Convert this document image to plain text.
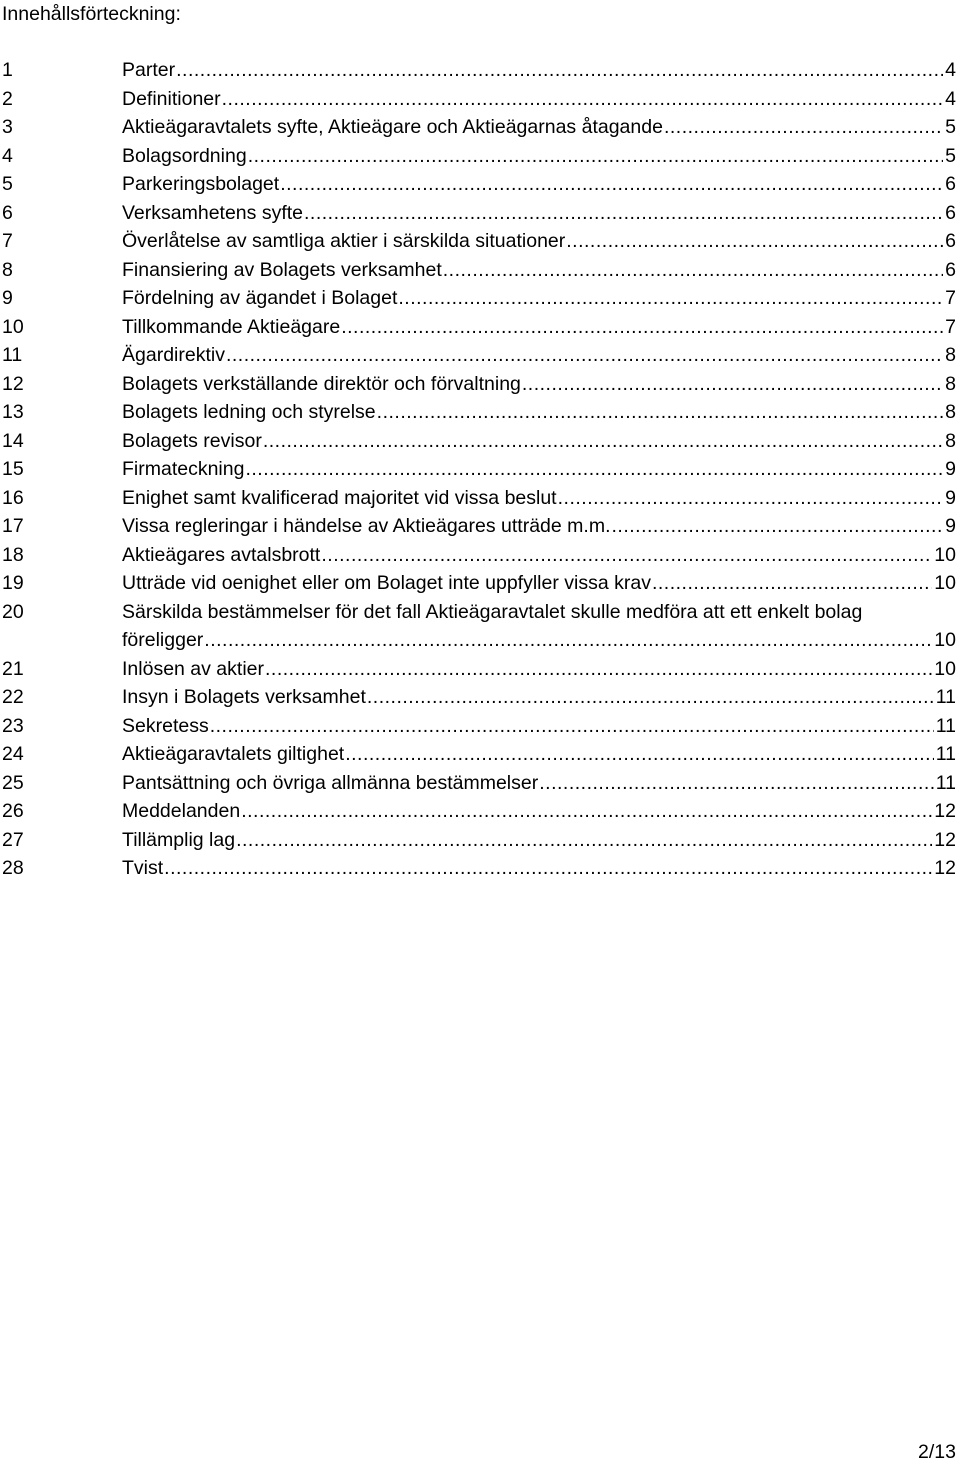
Innehållsförteckning:
1	Parter .....	4
2	Definitioner .....	4
3	Aktieägaravtalets syfte, Aktieägare och Aktieägarnas åtagande .....	5
4	Bolagsordning .....	5
5	Parkeringsbolaget .....	6
6	Verksamhetens syfte .....	6
7	Överlåtelse av samtliga aktier i särskilda situationer .....	6
8	Finansiering av Bolagets verksamhet .....	6
9	Fördelning av ägandet i Bolaget .....	7
10	Tillkommande Aktieägare .....	7
11	Ägardirektiv .....	8
12	Bolagets verkställande direktör och förvaltning .....	8
13	Bolagets ledning och styrelse .....	8
14	Bolagets revisor .....	8
15	Firmateckning .....	9
16	Enighet samt kvalificerad majoritet vid vissa beslut .....	9
17	Vissa regleringar i händelse av Aktieägares utträde m.m. .....	9
18	Aktieägares avtalsbrott .....	10
19	Utträde vid oenighet eller om Bolaget inte uppfyller vissa krav .....	10
20	Särskilda bestämmelser för det fall Aktieägaravtalet skulle medföra att ett enkelt bolag
föreligger .....	10
21	Inlösen av aktier .....	10
22	Insyn i Bolagets verksamhet .....	11
23	Sekretess .....	11
24	Aktieägaravtalets giltighet .....	11
25	Pantsättning och övriga allmänna bestämmelser .....	11
26	Meddelanden .....	12
27	Tillämplig lag .....	12
28	Tvist .....	12
2/13
